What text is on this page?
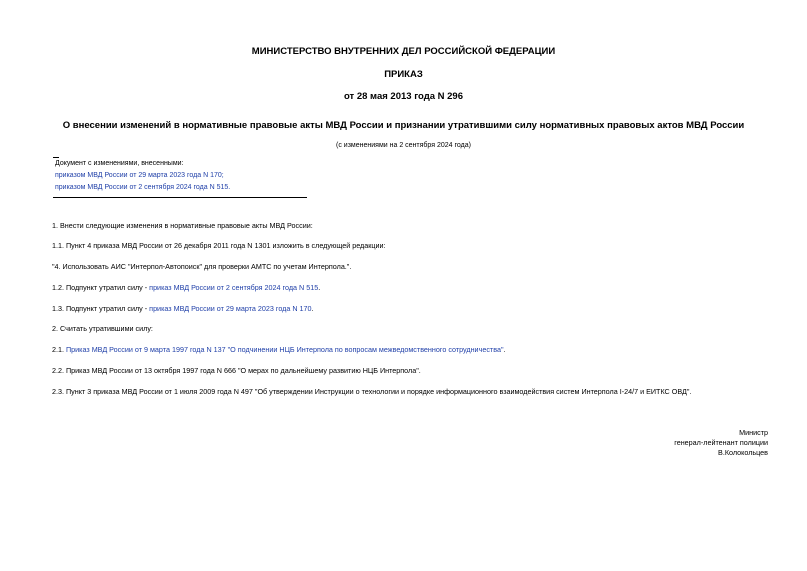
МИНИСТЕРСТВО ВНУТРЕННИХ ДЕЛ РОССИЙСКОЙ ФЕДЕРАЦИИ
ПРИКАЗ
от 28 мая 2013 года N 296
О внесении изменений в нормативные правовые акты МВД России и признании утратившими силу нормативных правовых актов МВД России
(с изменениями на 2 сентября 2024 года)
Документ с изменениями, внесенными:
приказом МВД России от 29 марта 2023 года N 170;
приказом МВД России от 2 сентября 2024 года N 515.
1. Внести следующие изменения в нормативные правовые акты МВД России:
1.1. Пункт 4 приказа МВД России от 26 декабря 2011 года N 1301 изложить в следующей редакции:
"4. Использовать АИС "Интерпол-Автопоиск" для проверки АМТС по учетам Интерпола.".
1.2. Подпункт утратил силу - приказ МВД России от 2 сентября 2024 года N 515.
1.3. Подпункт утратил силу - приказ МВД России от 29 марта 2023 года N 170.
2. Считать утратившими силу:
2.1. Приказ МВД России от 9 марта 1997 года N 137 "О подчинении НЦБ Интерпола по вопросам межведомственного сотрудничества".
2.2. Приказ МВД России от 13 октября 1997 года N 666 "О мерах по дальнейшему развитию НЦБ Интерпола".
2.3. Пункт 3 приказа МВД России от 1 июля 2009 года N 497 "Об утверждении Инструкции о технологии и порядке информационного взаимодействия систем Интерпола I-24/7 и ЕИТКС ОВД".
Министр
генерал-лейтенант полиции
В.Колокольцев
